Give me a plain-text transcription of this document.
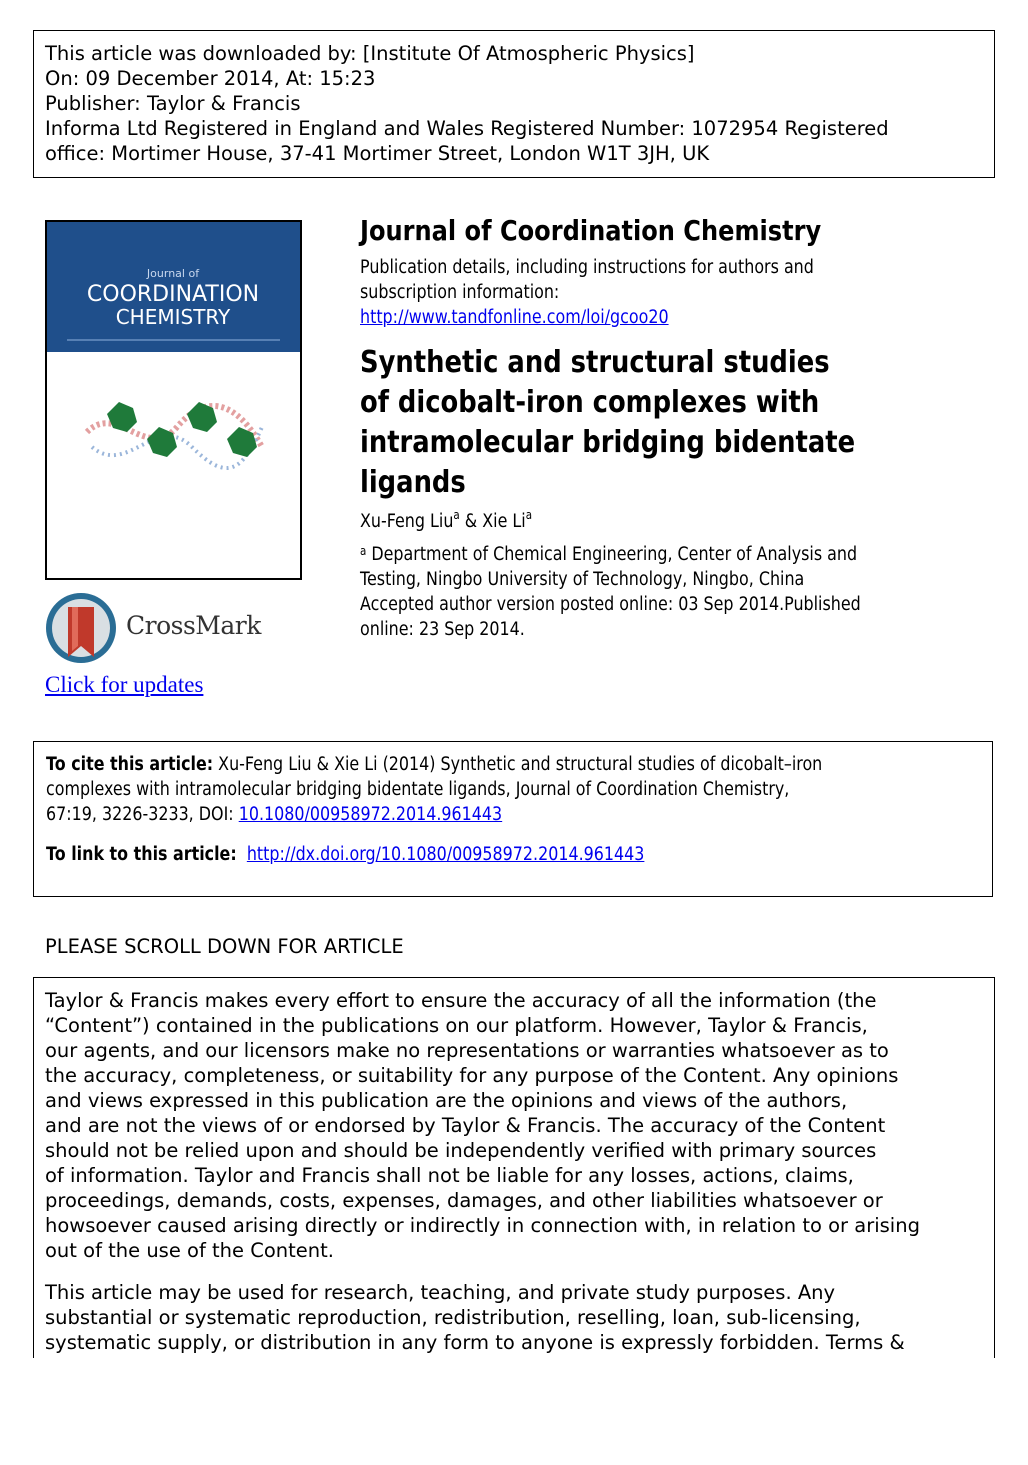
This article was downloaded by: [Institute Of Atmospheric Physics]
On: 09 December 2014, At: 15:23
Publisher: Taylor & Francis
Informa Ltd Registered in England and Wales Registered Number: 1072954 Registered
office: Mortimer House, 37-41 Mortimer Street, London W1T 3JH, UK
Journal of
COORDINATION
CHEMISTRY
Taylor & Francis
CrossMark
Click for updates
Journal of Coordination Chemistry
Publication details, including instructions for authors and
subscription information:
http://www.tandfonline.com/loi/gcoo20
Synthetic and structural studies
of dicobalt-iron complexes with
intramolecular bridging bidentate
ligands
Xu-Feng Liu$^a$ & Xie Li$^a$
$^a$ Department of Chemical Engineering, Center of Analysis and
Testing, Ningbo University of Technology, Ningbo, China
Accepted author version posted online: 03 Sep 2014.Published
online: 23 Sep 2014.
To cite this article: Xu-Feng Liu & Xie Li (2014) Synthetic and structural studies of dicobalt–iron
complexes with intramolecular bridging bidentate ligands, Journal of Coordination Chemistry,
67:19, 3226-3233, DOI: 10.1080/00958972.2014.961443
To link to this article: http://dx.doi.org/10.1080/00958972.2014.961443
PLEASE SCROLL DOWN FOR ARTICLE
Taylor & Francis makes every effort to ensure the accuracy of all the information (the
“Content”) contained in the publications on our platform. However, Taylor & Francis,
our agents, and our licensors make no representations or warranties whatsoever as to
the accuracy, completeness, or suitability for any purpose of the Content. Any opinions
and views expressed in this publication are the opinions and views of the authors,
and are not the views of or endorsed by Taylor & Francis. The accuracy of the Content
should not be relied upon and should be independently verified with primary sources
of information. Taylor and Francis shall not be liable for any losses, actions, claims,
proceedings, demands, costs, expenses, damages, and other liabilities whatsoever or
howsoever caused arising directly or indirectly in connection with, in relation to or arising
out of the use of the Content.
This article may be used for research, teaching, and private study purposes. Any
substantial or systematic reproduction, redistribution, reselling, loan, sub-licensing,
systematic supply, or distribution in any form to anyone is expressly forbidden. Terms &
